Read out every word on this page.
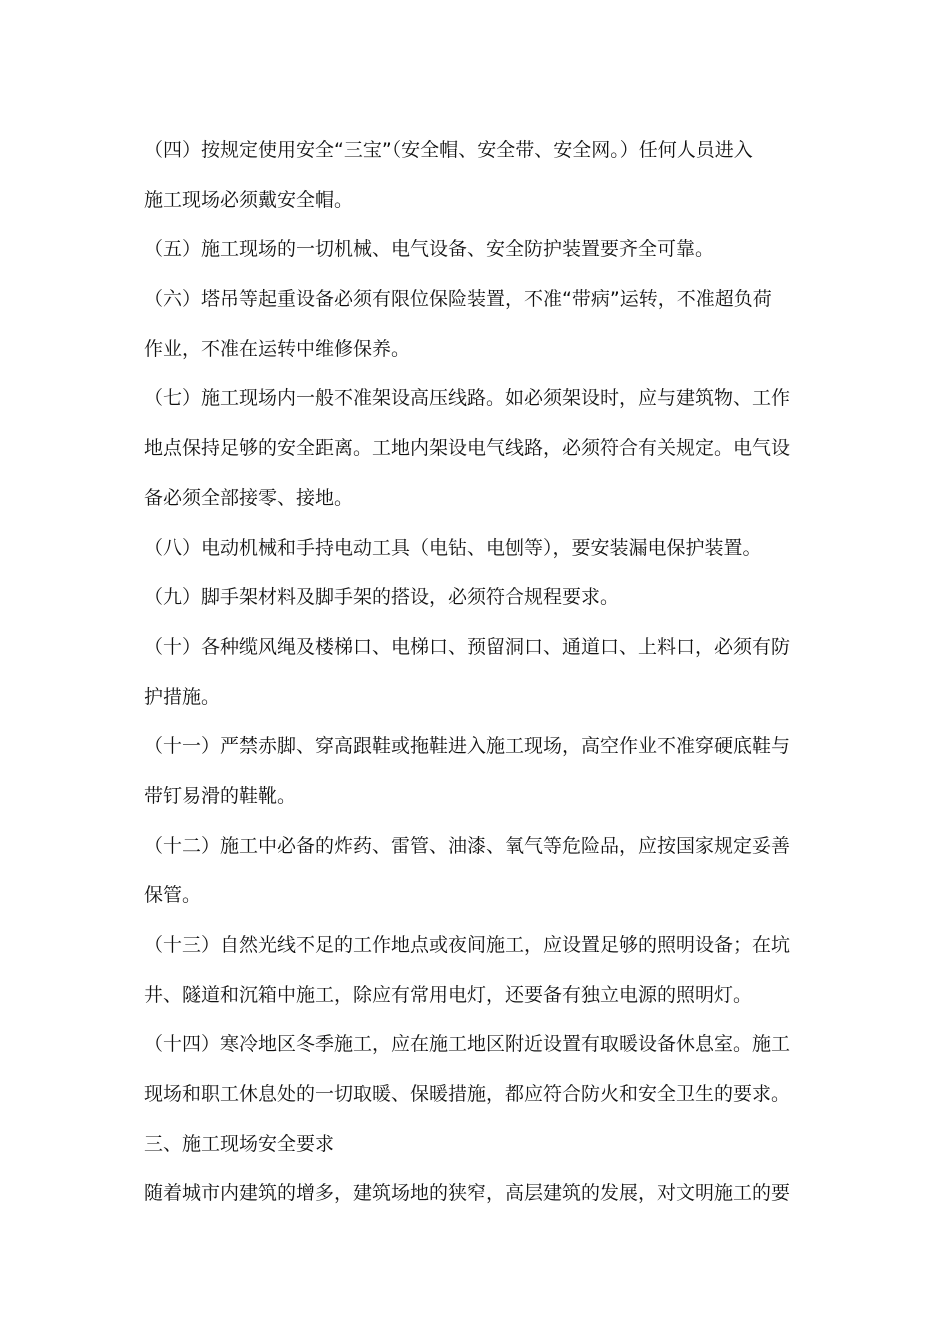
（四）按规定使用安全“三宝”（安全帽、安全带、安全网。）任何人员进入
施工现场必须戴安全帽。
（五）施工现场的一切机械、电气设备、安全防护装置要齐全可靠。
（六）塔吊等起重设备必须有限位保险装置，不准“带病”运转，不准超负荷
作业，不准在运转中维修保养。
（七）施工现场内一般不准架设高压线路。如必须架设时，应与建筑物、工作
地点保持足够的安全距离。工地内架设电气线路，必须符合有关规定。电气设
备必须全部接零、接地。
（八）电动机械和手持电动工具（电钻、电刨等），要安装漏电保护装置。
（九）脚手架材料及脚手架的搭设，必须符合规程要求。
（十）各种缆风绳及楼梯口、电梯口、预留洞口、通道口、上料口，必须有防
护措施。
（十一）严禁赤脚、穿高跟鞋或拖鞋进入施工现场，高空作业不准穿硬底鞋与
带钉易滑的鞋靴。
（十二）施工中必备的炸药、雷管、油漆、氧气等危险品，应按国家规定妥善
保管。
（十三）自然光线不足的工作地点或夜间施工，应设置足够的照明设备；在坑
井、隧道和沉箱中施工，除应有常用电灯，还要备有独立电源的照明灯。
（十四）寒冷地区冬季施工，应在施工地区附近设置有取暖设备休息室。施工
现场和职工休息处的一切取暖、保暖措施，都应符合防火和安全卫生的要求。
三、施工现场安全要求
随着城市内建筑的增多，建筑场地的狭窄，高层建筑的发展，对文明施工的要
